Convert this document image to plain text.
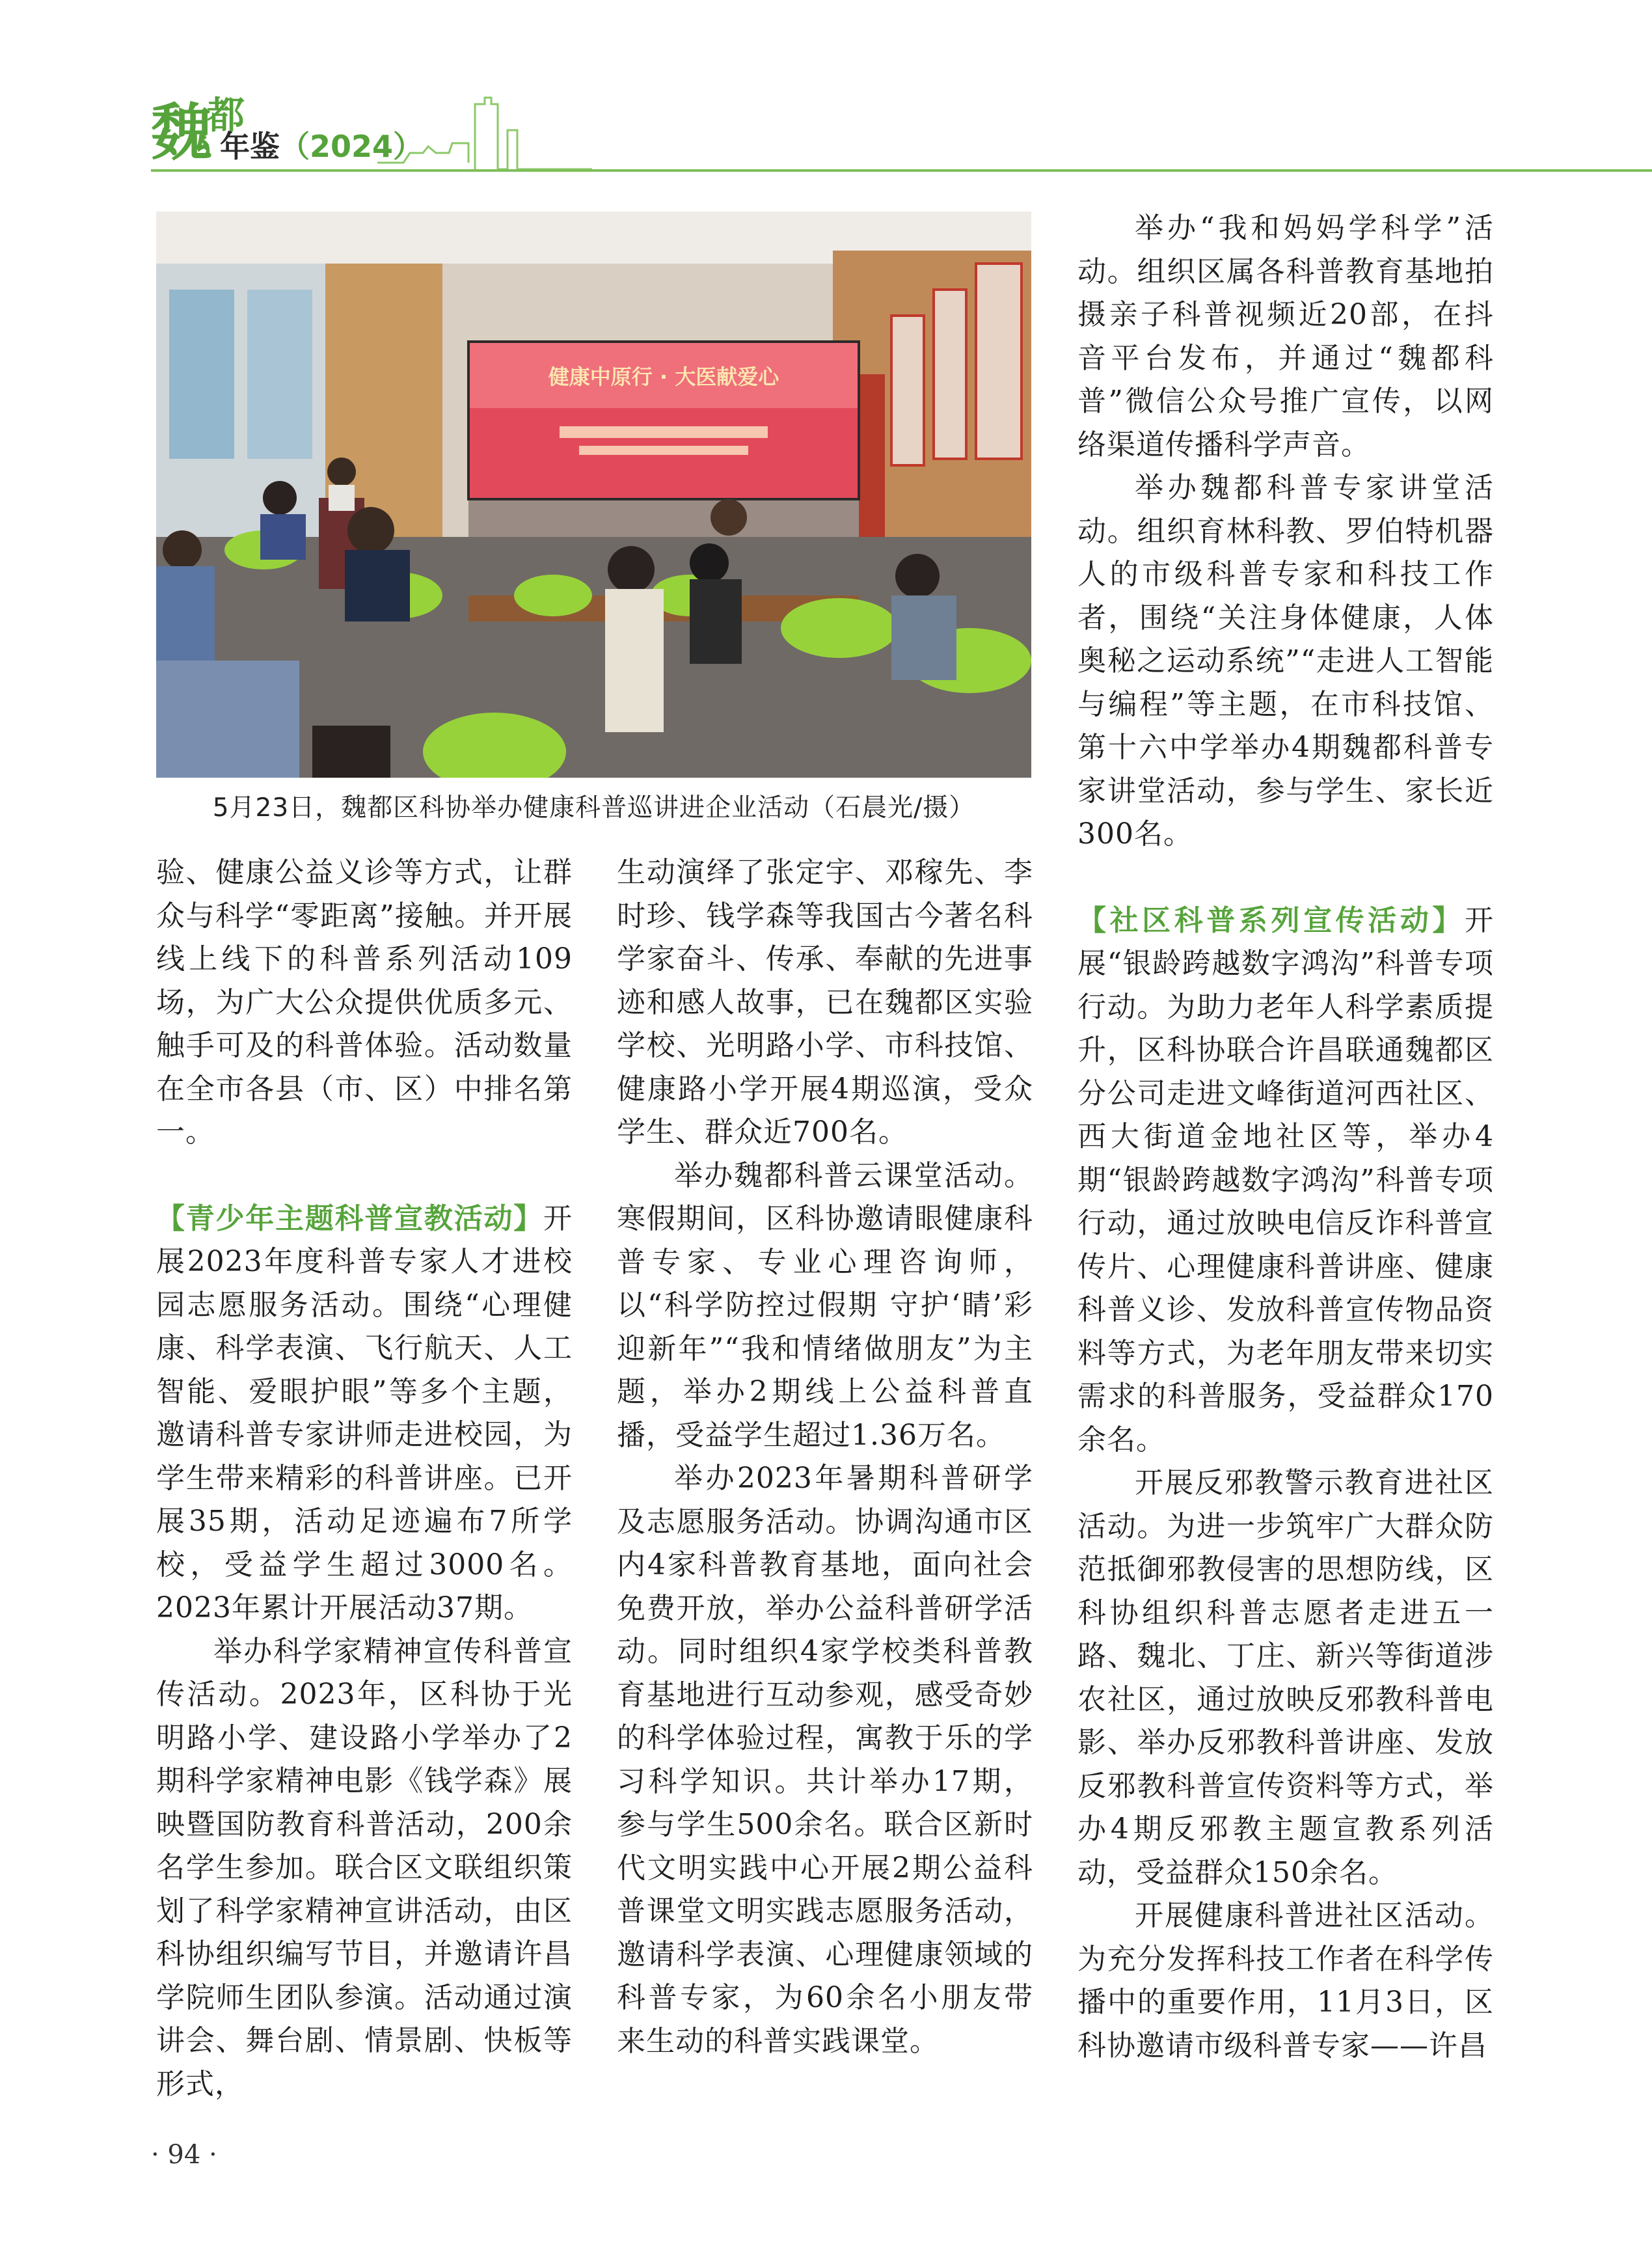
魏
都
年鉴（2024）
健康中原行 · 大医献爱心
5月23日，魏都区科协举办健康科普巡讲进企业活动（石晨光/摄）

验、健康公益义诊等方式，让群众与科学“零距离”接触。并开展线上线下的科普系列活动109场，为广大公众提供优质多元、触手可及的科普体验。活动数量在全市各县（市、区）中排名第一。

【青少年主题科普宣教活动】开展2023年度科普专家人才进校园志愿服务活动。围绕“心理健康、科学表演、飞行航天、人工智能、爱眼护眼”等多个主题，邀请科普专家讲师走进校园，为学生带来精彩的科普讲座。已开展35期，活动足迹遍布7所学校，受益学生超过3000名。2023年累计开展活动37期。

举办科学家精神宣传科普宣传活动。2023年，区科协于光明路小学、建设路小学举办了2期科学家精神电影《钱学森》展映暨国防教育科普活动，200余名学生参加。联合区文联组织策划了科学家精神宣讲活动，由区科协组织编写节目，并邀请许昌学院师生团队参演。活动通过演讲会、舞台剧、情景剧、快板等形式，

生动演绎了张定宇、邓稼先、李时珍、钱学森等我国古今著名科学家奋斗、传承、奉献的先进事迹和感人故事，已在魏都区实验学校、光明路小学、市科技馆、健康路小学开展4期巡演，受众学生、群众近700名。

举办魏都科普云课堂活动。寒假期间，区科协邀请眼健康科普专家、专业心理咨询师，以“科学防控过假期 守护‘睛’彩迎新年”“我和情绪做朋友”为主题，举办2期线上公益科普直播，受益学生超过1.36万名。

举办2023年暑期科普研学及志愿服务活动。协调沟通市区内4家科普教育基地，面向社会免费开放，举办公益科普研学活动。同时组织4家学校类科普教育基地进行互动参观，感受奇妙的科学体验过程，寓教于乐的学习科学知识。共计举办17期，参与学生500余名。联合区新时代文明实践中心开展2期公益科普课堂文明实践志愿服务活动，邀请科学表演、心理健康领域的科普专家，为60余名小朋友带来生动的科普实践课堂。

举办“我和妈妈学科学”活动。组织区属各科普教育基地拍摄亲子科普视频近20部，在抖音平台发布，并通过“魏都科普”微信公众号推广宣传，以网络渠道传播科学声音。

举办魏都科普专家讲堂活动。组织育林科教、罗伯特机器人的市级科普专家和科技工作者，围绕“关注身体健康，人体奥秘之运动系统”“走进人工智能与编程”等主题，在市科技馆、第十六中学举办4期魏都科普专家讲堂活动，参与学生、家长近300名。

【社区科普系列宣传活动】开展“银龄跨越数字鸿沟”科普专项行动。为助力老年人科学素质提升，区科协联合许昌联通魏都区分公司走进文峰街道河西社区、西大街道金地社区等，举办4期“银龄跨越数字鸿沟”科普专项行动，通过放映电信反诈科普宣传片、心理健康科普讲座、健康科普义诊、发放科普宣传物品资料等方式，为老年朋友带来切实需求的科普服务，受益群众170余名。

开展反邪教警示教育进社区活动。为进一步筑牢广大群众防范抵御邪教侵害的思想防线，区科协组织科普志愿者走进五一路、魏北、丁庄、新兴等街道涉农社区，通过放映反邪教科普电影、举办反邪教科普讲座、发放反邪教科普宣传资料等方式，举办4期反邪教主题宣教系列活动，受益群众150余名。

开展健康科普进社区活动。为充分发挥科技工作者在科学传播中的重要作用，11月3日，区科协邀请市级科普专家——许昌

· 94 ·
